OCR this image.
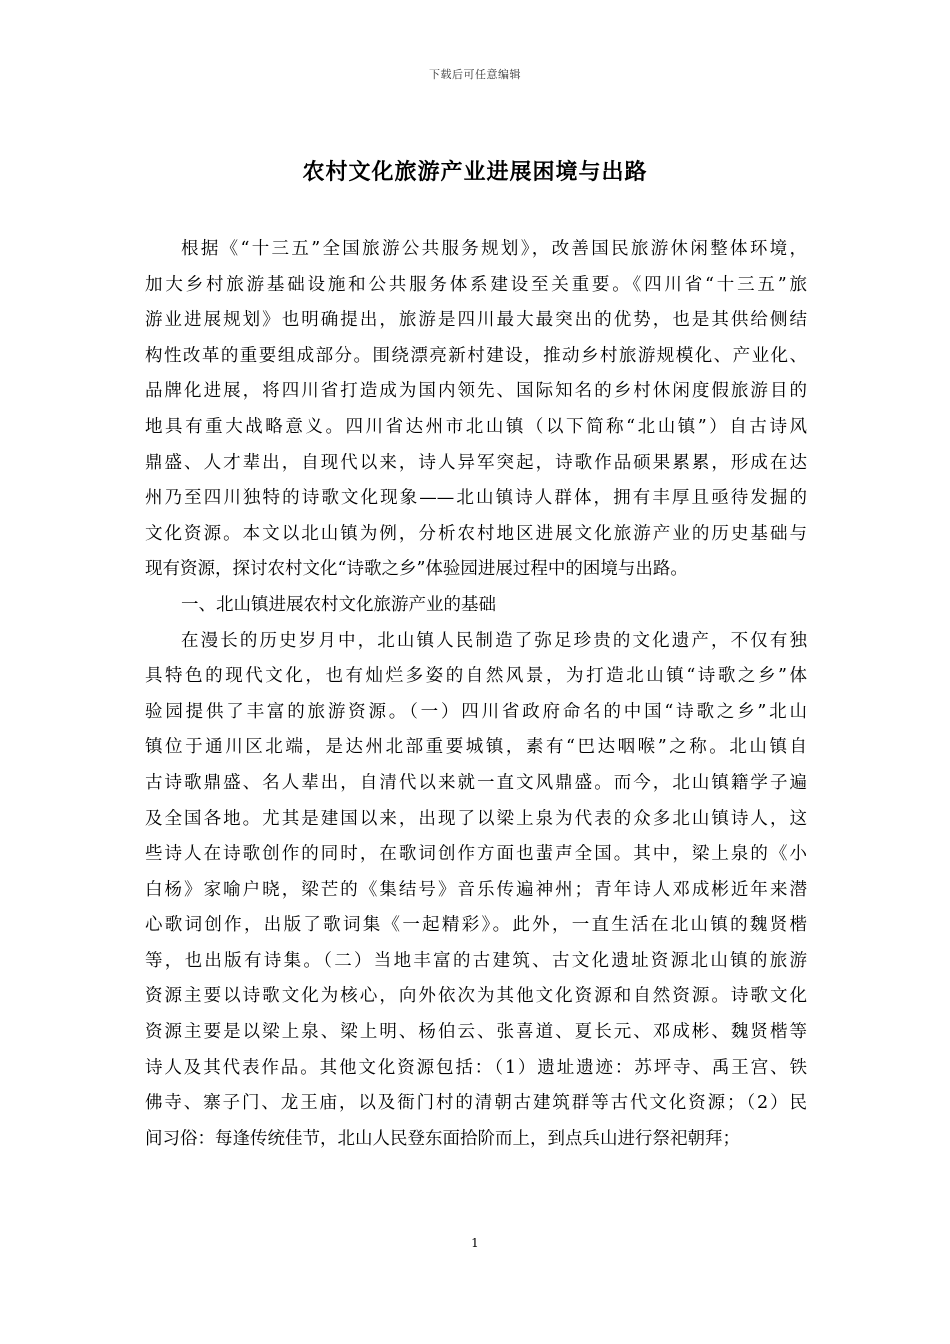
下载后可任意编辑
农村文化旅游产业进展困境与出路
根据《“十三五”全国旅游公共服务规划》，改善国民旅游休闲整体环境，
加大乡村旅游基础设施和公共服务体系建设至关重要。《四川省“十三五”旅
游业进展规划》也明确提出，旅游是四川最大最突出的优势，也是其供给侧结
构性改革的重要组成部分。围绕漂亮新村建设，推动乡村旅游规模化、产业化、
品牌化进展，将四川省打造成为国内领先、国际知名的乡村休闲度假旅游目的
地具有重大战略意义。四川省达州市北山镇（以下简称“北山镇”）自古诗风
鼎盛、人才辈出，自现代以来，诗人异军突起，诗歌作品硕果累累，形成在达
州乃至四川独特的诗歌文化现象——北山镇诗人群体，拥有丰厚且亟待发掘的
文化资源。本文以北山镇为例，分析农村地区进展文化旅游产业的历史基础与
现有资源，探讨农村文化“诗歌之乡”体验园进展过程中的困境与出路。
一、北山镇进展农村文化旅游产业的基础
在漫长的历史岁月中，北山镇人民制造了弥足珍贵的文化遗产，不仅有独
具特色的现代文化，也有灿烂多姿的自然风景，为打造北山镇“诗歌之乡”体
验园提供了丰富的旅游资源。（一）四川省政府命名的中国“诗歌之乡”北山
镇位于通川区北端，是达州北部重要城镇，素有“巴达咽喉”之称。北山镇自
古诗歌鼎盛、名人辈出，自清代以来就一直文风鼎盛。而今，北山镇籍学子遍
及全国各地。尤其是建国以来，出现了以梁上泉为代表的众多北山镇诗人，这
些诗人在诗歌创作的同时，在歌词创作方面也蜚声全国。其中，梁上泉的《小
白杨》家喻户晓，梁芒的《集结号》音乐传遍神州；青年诗人邓成彬近年来潜
心歌词创作，出版了歌词集《一起精彩》。此外，一直生活在北山镇的魏贤楷
等，也出版有诗集。（二）当地丰富的古建筑、古文化遗址资源北山镇的旅游
资源主要以诗歌文化为核心，向外依次为其他文化资源和自然资源。诗歌文化
资源主要是以梁上泉、梁上明、杨伯云、张喜道、夏长元、邓成彬、魏贤楷等
诗人及其代表作品。其他文化资源包括：（1）遗址遗迹：苏坪寺、禹王宫、铁
佛寺、寨子门、龙王庙，以及衙门村的清朝古建筑群等古代文化资源；（2）民
间习俗：每逢传统佳节，北山人民登东面拾阶而上，到点兵山进行祭祀朝拜；
1
